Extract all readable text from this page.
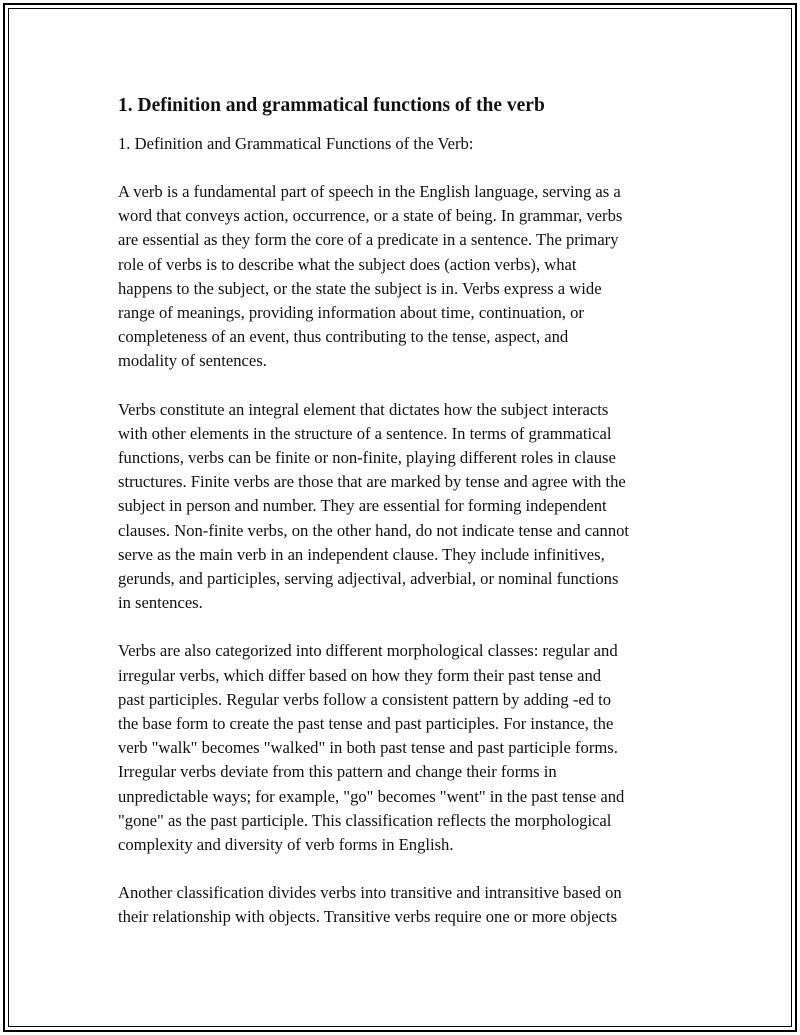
1. Definition and grammatical functions of the verb
1. Definition and Grammatical Functions of the Verb:
A verb is a fundamental part of speech in the English language, serving as a
word that conveys action, occurrence, or a state of being. In grammar, verbs
are essential as they form the core of a predicate in a sentence. The primary
role of verbs is to describe what the subject does (action verbs), what
happens to the subject, or the state the subject is in. Verbs express a wide
range of meanings, providing information about time, continuation, or
completeness of an event, thus contributing to the tense, aspect, and
modality of sentences.
Verbs constitute an integral element that dictates how the subject interacts
with other elements in the structure of a sentence. In terms of grammatical
functions, verbs can be finite or non-finite, playing different roles in clause
structures. Finite verbs are those that are marked by tense and agree with the
subject in person and number. They are essential for forming independent
clauses. Non-finite verbs, on the other hand, do not indicate tense and cannot
serve as the main verb in an independent clause. They include infinitives,
gerunds, and participles, serving adjectival, adverbial, or nominal functions
in sentences.
Verbs are also categorized into different morphological classes: regular and
irregular verbs, which differ based on how they form their past tense and
past participles. Regular verbs follow a consistent pattern by adding -ed to
the base form to create the past tense and past participles. For instance, the
verb "walk" becomes "walked" in both past tense and past participle forms.
Irregular verbs deviate from this pattern and change their forms in
unpredictable ways; for example, "go" becomes "went" in the past tense and
"gone" as the past participle. This classification reflects the morphological
complexity and diversity of verb forms in English.
Another classification divides verbs into transitive and intransitive based on
their relationship with objects. Transitive verbs require one or more objects
